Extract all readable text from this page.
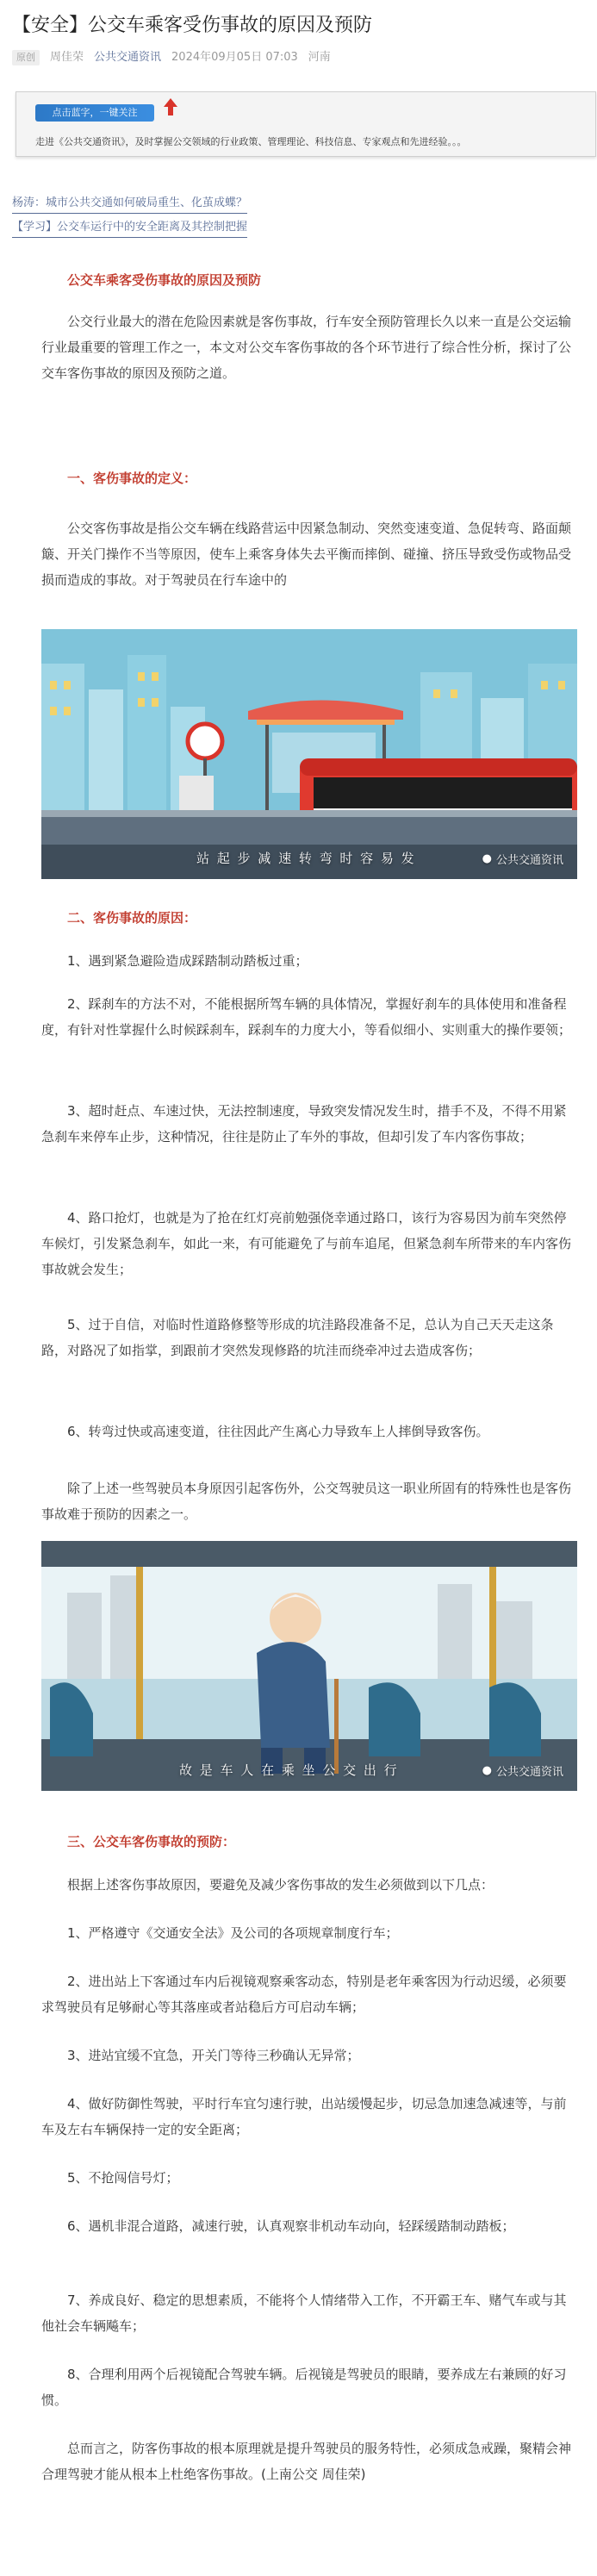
【安全】公交车乘客受伤事故的原因及预防
原创	周佳荣 公共交通资讯 2024年09月05日 07:03 河南
点击蓝字，一键关注
走进《公共交通资讯》，及时掌握公交领域的行业政策、管理理论、科技信息、专家观点和先进经验。。。
杨涛：城市公共交通如何破局重生、化茧成蝶？
【学习】公交车运行中的安全距离及其控制把握

公交车乘客受伤事故的原因及预防

公交行业最大的潜在危险因素就是客伤事故，行车安全预防管理长久以来一直是公交运输行业最重要的管理工作之一，本文对公交车客伤事故的各个环节进行了综合性分析，探讨了公交车客伤事故的原因及预防之道。

一、客伤事故的定义：

公交客伤事故是指公交车辆在线路营运中因紧急制动、突然变速变道、急促转弯、路面颠簸、开关门操作不当等原因，使车上乘客身体失去平衡而摔倒、碰撞、挤压导致受伤或物品受损而造成的事故。对于驾驶员在行车途中的

站 起 步 减 速 转 弯 时 容 易 发	● 公共交通资讯

二、客伤事故的原因：

1、遇到紧急避险造成踩踏制动踏板过重；

2、踩刹车的方法不对，不能根据所驾车辆的具体情况，掌握好刹车的具体使用和准备程度，有针对性掌握什么时候踩刹车，踩刹车的力度大小，等看似细小、实则重大的操作要领；

3、超时赶点、车速过快，无法控制速度，导致突发情况发生时，措手不及，不得不用紧急刹车来停车止步，这种情况，往往是防止了车外的事故，但却引发了车内客伤事故；

4、路口抢灯，也就是为了抢在红灯亮前勉强侥幸通过路口，该行为容易因为前车突然停车候灯，引发紧急刹车，如此一来，有可能避免了与前车追尾，但紧急刹车所带来的车内客伤事故就会发生；

5、过于自信，对临时性道路修整等形成的坑洼路段准备不足，总认为自己天天走这条路，对路况了如指掌，到跟前才突然发现修路的坑洼而绕牵冲过去造成客伤；

6、转弯过快或高速变道，往往因此产生离心力导致车上人摔倒导致客伤。

除了上述一些驾驶员本身原因引起客伤外，公交驾驶员这一职业所固有的特殊性也是客伤事故难于预防的因素之一。

故 是 车 人 在 乘 坐 公 交 出 行	● 公共交通资讯

三、公交车客伤事故的预防：

根据上述客伤事故原因，要避免及减少客伤事故的发生必须做到以下几点：

1、严格遵守《交通安全法》及公司的各项规章制度行车；

2、进出站上下客通过车内后视镜观察乘客动态，特别是老年乘客因为行动迟缓，必须要求驾驶员有足够耐心等其落座或者站稳后方可启动车辆；

3、进站宜缓不宜急，开关门等待三秒确认无异常；

4、做好防御性驾驶，平时行车宜匀速行驶，出站缓慢起步，切忌急加速急减速等，与前车及左右车辆保持一定的安全距离；

5、不抢闯信号灯；

6、遇机非混合道路，减速行驶，认真观察非机动车动向，轻踩缓踏制动踏板；

7、养成良好、稳定的思想素质，不能将个人情绪带入工作，不开霸王车、赌气车或与其他社会车辆飚车；

8、合理利用两个后视镜配合驾驶车辆。后视镜是驾驶员的眼睛，要养成左右兼顾的好习惯。

总而言之，防客伤事故的根本原理就是提升驾驶员的服务特性，必须成急戒躁，聚精会神合理驾驶才能从根本上杜绝客伤事故。(上南公交 周佳荣)
